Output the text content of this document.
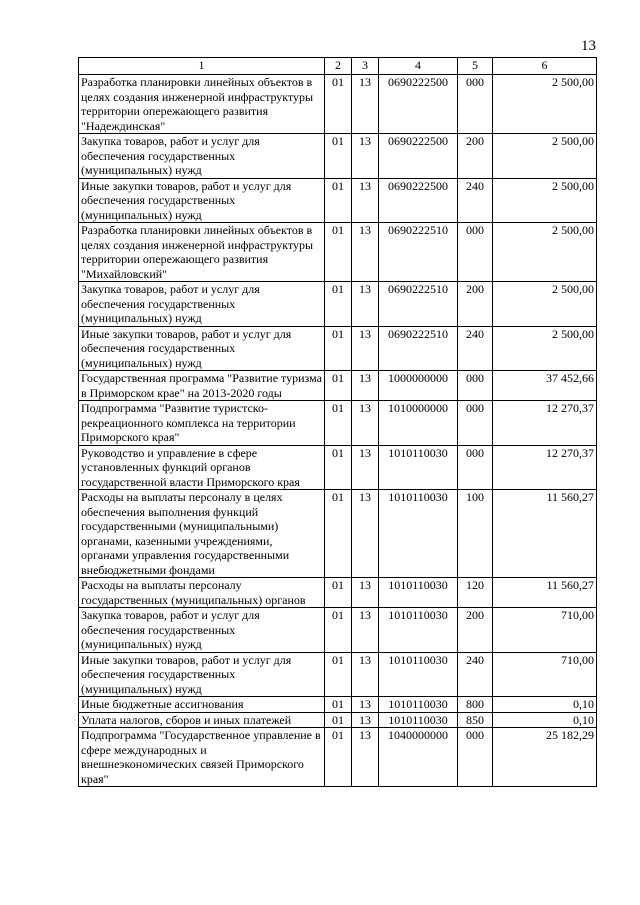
13
1	2	3	4	5	6
Разработка планировки линейных объектов в целях создания инженерной инфраструктуры территории опережающего развития "Надеждинская"	01	13	0690222500	000	2 500,00
Закупка товаров, работ и услуг для обеспечения государственных (муниципальных) нужд	01	13	0690222500	200	2 500,00
Иные закупки товаров, работ и услуг для обеспечения государственных (муниципальных) нужд	01	13	0690222500	240	2 500,00
Разработка планировки линейных объектов в целях создания инженерной инфраструктуры территории опережающего развития "Михайловский"	01	13	0690222510	000	2 500,00
Закупка товаров, работ и услуг для обеспечения государственных (муниципальных) нужд	01	13	0690222510	200	2 500,00
Иные закупки товаров, работ и услуг для обеспечения государственных (муниципальных) нужд	01	13	0690222510	240	2 500,00
Государственная программа "Развитие туризма в Приморском крае" на 2013-2020 годы	01	13	1000000000	000	37 452,66
Подпрограмма "Развитие туристско-рекреационного комплекса на территории Приморского края"	01	13	1010000000	000	12 270,37
Руководство и управление в сфере установленных функций органов государственной власти Приморского края	01	13	1010110030	000	12 270,37
Расходы на выплаты персоналу в целях обеспечения выполнения функций государственными (муниципальными) органами, казенными учреждениями, органами управления государственными внебюджетными фондами	01	13	1010110030	100	11 560,27
Расходы на выплаты персоналу государственных (муниципальных) органов	01	13	1010110030	120	11 560,27
Закупка товаров, работ и услуг для обеспечения государственных (муниципальных) нужд	01	13	1010110030	200	710,00
Иные закупки товаров, работ и услуг для обеспечения государственных (муниципальных) нужд	01	13	1010110030	240	710,00
Иные бюджетные ассигнования	01	13	1010110030	800	0,10
Уплата налогов, сборов и иных платежей	01	13	1010110030	850	0,10
Подпрограмма "Государственное управление в сфере международных и внешнеэкономических связей Приморского края"	01	13	1040000000	000	25 182,29
